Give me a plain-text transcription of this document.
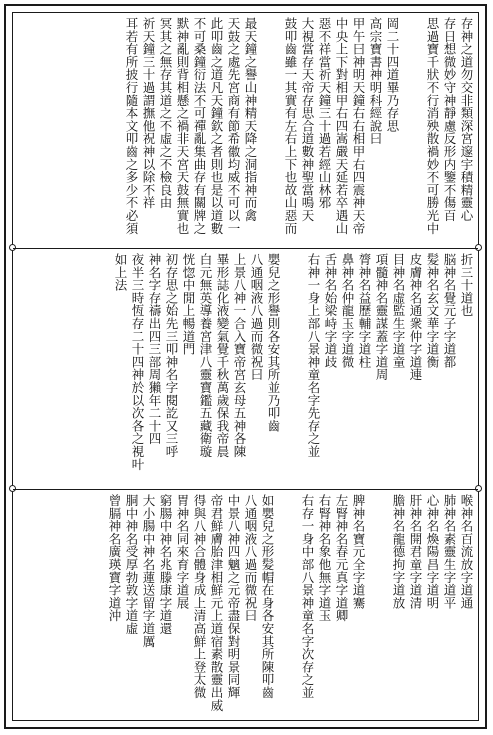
存神之道勿交非類深宮邃宇積精靈心
存日想微妙守神靜慮反形内鑒不傷百
思過寶千狀不行消殃散禍妙不可勝光中
岡二十四道畢乃存思
高宗寶書神明科經說曰
甲午曰神明天鐘右右相甲右四震神天帝
中央上下對相甲右四嵩嚴天延若卒遇山
惡不祥當祈天鐘三十過若經山林邪
大視當存天帝存思合道數神聖當鳴天
鼓叩齒雖一其實有左右上下也故山惡而
最天鐘之譽山神精天降之洞指神而禽
天鼓之處先宮商有節希徽均威不可以一
此叩齒之道凡天鐘欽之者則也是以道數
不可桑鐘衍法不可禪亂集曲存有關牌之
默神亂則背相懸之禍非天宮天鼓無實也
冥其之無存其道之不虛之不檢良由
祈天鐘三十過謂撫他祝神以除不祥
耳若有所披行隨本文叩齒之多少不必須
折三十道也
脳神名覺元子字道都
髪神名玄文華字道衡
皮膚神名通衆仲字道連
目神名虛監生字道童
項髓神名靈謀蓋字道周
膂神名益歷輔字道柱
鼻神名仲龍玉字道微
舌神名始梁峙字道歧
右神一身上部八景神童名字先存之並
嬰兒之形譽則各安其所並乃叩齒
八通咽液八過而微祝曰
上景八神一合入寶帝宮玄母五神各陳
畢形誌化液變氣覺千秋萬歲保我帝晨
白元無英導養宮津八靈寶鑑五藏衛璇
恍惚中閒上暢道門
初存思之始先三叩神名字閱訖又三呼
神名字存禱出四三部周獺年二十四
夜半三時恆存二十四神於以次各之視叶
如上法
喉神名百流放字道通
肺神名素靈生字道平
心神名煥陽昌字道明
肝神名開君童字道清
膽神名龍德拘字道放
脾神名寶元全字道騫
左腎神名春元真字道卿
右腎神名象他無字道玉
右存一身中部八景神童名字次存之並
如嬰兒之形髪帽在身各安其所陳叩齒
八通咽液八過而微祝曰
中景八神四魑之元帝盡保對明景同輝
帝君鮮膚胎津相鮮元上道宿素散靈出威
得與八神合體身成上清高鮮上登太微
胃神名同來育字道展
窮腸中神名兆滕康字道還
大小腸中神名蓮送留字道厲
胴中神名受厚勃敦字道虛
曾膈神名廣瑛寶字道沖
